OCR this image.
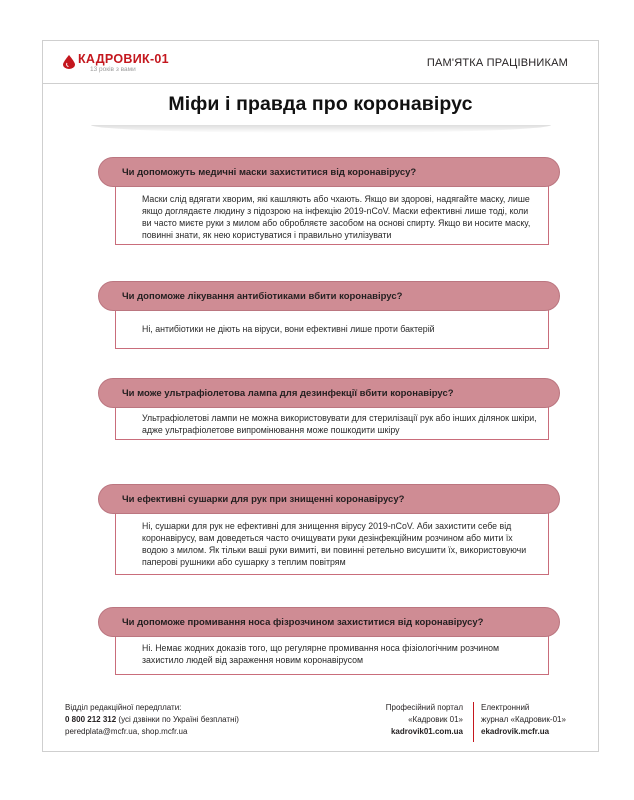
КАДРОВИК-01
13 років з вами
ПАМ'ЯТКА ПРАЦІВНИКАМ
Міфи і правда про коронавірус
Чи допоможуть медичні маски захиститися від коронавірусу?
Маски слід вдягати хворим, які кашляють або чхають. Якщо ви здорові, надягайте маску, лише якщо доглядаєте людину з підозрою на інфекцію 2019-nCoV. Маски ефективні лише тоді, коли ви часто миєте руки з милом або обробляєте засобом на основі спирту. Якщо ви носите маску, повинні знати, як нею користуватися і правильно утилізувати
Чи допоможе лікування антибіотиками вбити коронавірус?
Ні, антибіотики не діють на віруси, вони ефективні лише проти бактерій
Чи може ультрафіолетова лампа для дезинфекції вбити коронавірус?
Ультрафіолетові лампи не можна використовувати для стерилізації рук або інших ділянок шкіри, адже ультрафіолетове випромінювання може пошкодити шкіру
Чи ефективні сушарки для рук при знищенні коронавірусу?
Ні, сушарки для рук не ефективні для знищення вірусу 2019-nCoV. Аби захистити себе від коронавірусу, вам доведеться часто очищувати руки дезінфекційним розчином або мити їх водою з милом. Як тільки ваші руки вимиті, ви повинні ретельно висушити їх, використовуючи паперові рушники або сушарку з теплим повітрям
Чи допоможе промивання носа фізрозчином захиститися від коронавірусу?
Ні. Немає жодних доказів того, що регулярне промивання носа фізіологічним розчином захистило людей від зараження новим коронавірусом
Відділ редакційної передплати:
0 800 212 312 (усі дзвінки по Україні безплатні)
peredplata@mcfr.ua, shop.mcfr.ua
Професійний портал
«Кадровик 01»
kadrovik01.com.ua
Електронний
журнал «Кадровик-01»
ekadrovik.mcfr.ua
